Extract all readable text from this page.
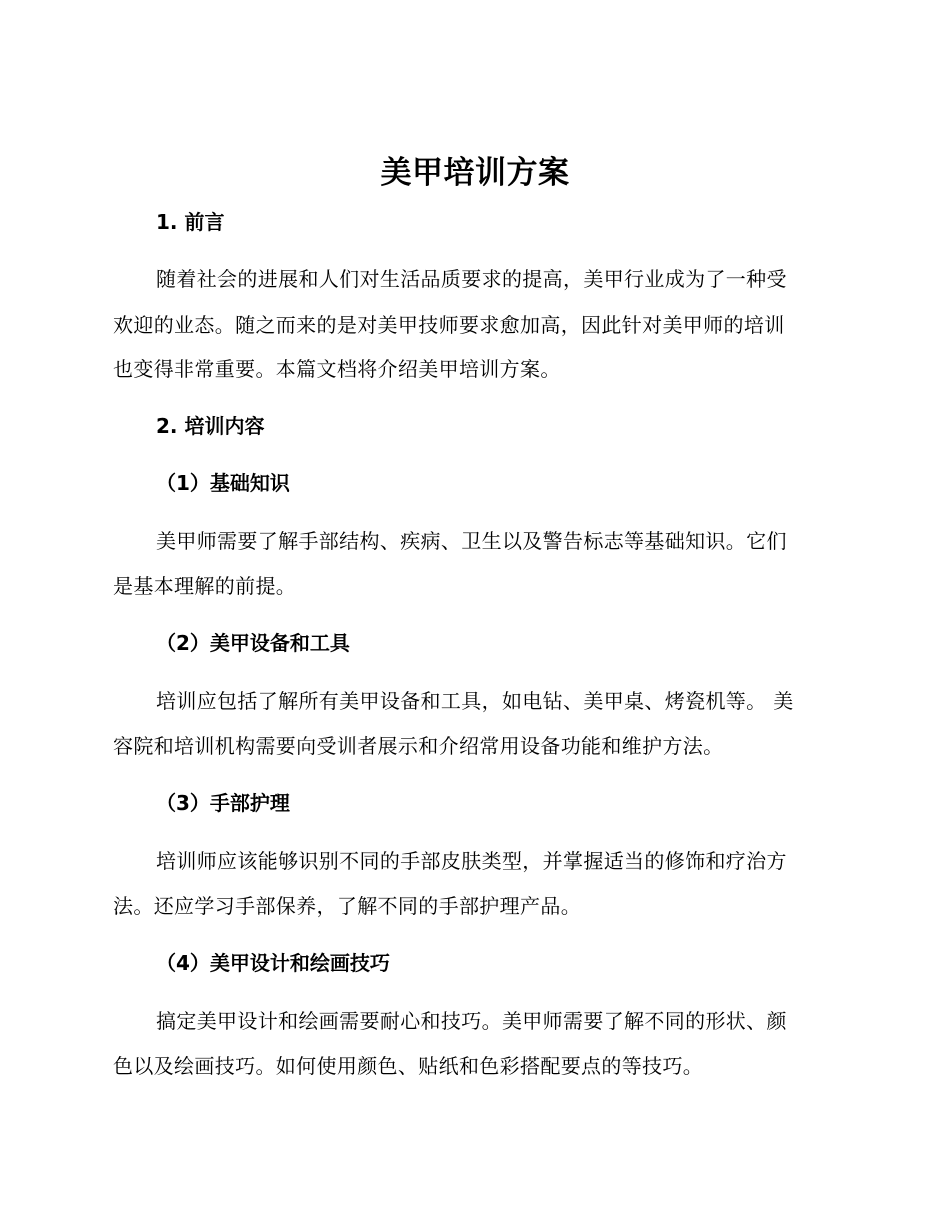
美甲培训方案
1. 前言
随着社会的进展和人们对生活品质要求的提高，美甲行业成为了一种受
欢迎的业态。随之而来的是对美甲技师要求愈加高，因此针对美甲师的培训
也变得非常重要。本篇文档将介绍美甲培训方案。
2. 培训内容
（1）基础知识
美甲师需要了解手部结构、疾病、卫生以及警告标志等基础知识。它们
是基本理解的前提。
（2）美甲设备和工具
培训应包括了解所有美甲设备和工具，如电钻、美甲桌、烤瓷机等。 美
容院和培训机构需要向受训者展示和介绍常用设备功能和维护方法。
（3）手部护理
培训师应该能够识别不同的手部皮肤类型，并掌握适当的修饰和疗治方
法。还应学习手部保养，了解不同的手部护理产品。
（4）美甲设计和绘画技巧
搞定美甲设计和绘画需要耐心和技巧。美甲师需要了解不同的形状、颜
色以及绘画技巧。如何使用颜色、贴纸和色彩搭配要点的等技巧。
